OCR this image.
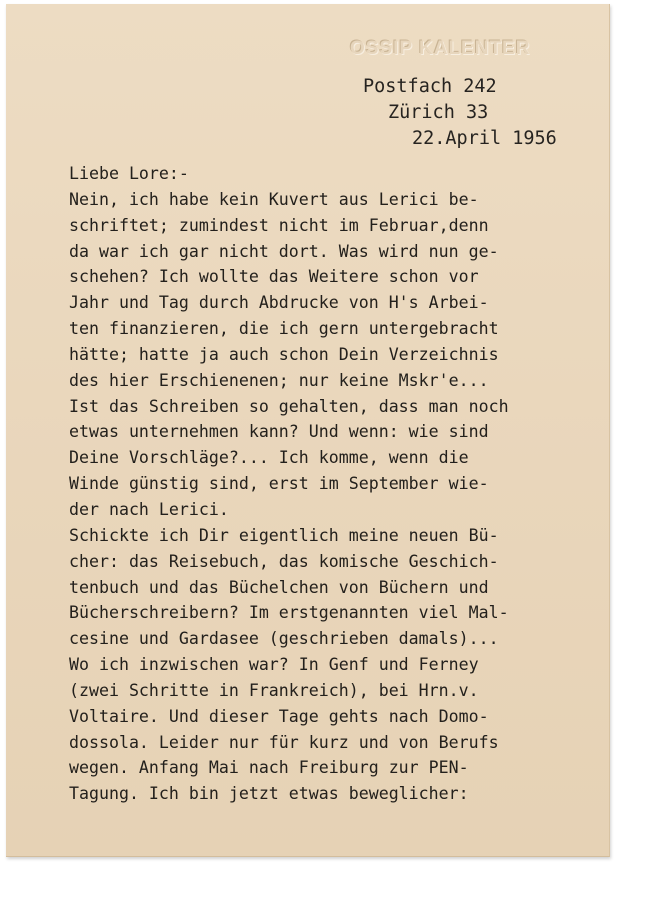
OSSIP KALENTER
Postfach 242
Zürich 33
22.April 1956
Liebe Lore:-
Nein, ich habe kein Kuvert aus Lerici be-
schriftet; zumindest nicht im Februar,denn
da war ich gar nicht dort. Was wird nun ge-
schehen? Ich wollte das Weitere schon vor
Jahr und Tag durch Abdrucke von H's Arbei-
ten finanzieren, die ich gern untergebracht
hätte; hatte ja auch schon Dein Verzeichnis
des hier Erschienenen; nur keine Mskr'e...
Ist das Schreiben so gehalten, dass man noch
etwas unternehmen kann? Und wenn: wie sind
Deine Vorschläge?... Ich komme, wenn die
Winde günstig sind, erst im September wie-
der nach Lerici.
Schickte ich Dir eigentlich meine neuen Bü-
cher: das Reisebuch, das komische Geschich-
tenbuch und das Büchelchen von Büchern und
Bücherschreibern? Im erstgenannten viel Mal-
cesine und Gardasee (geschrieben damals)...
Wo ich inzwischen war? In Genf und Ferney
(zwei Schritte in Frankreich), bei Hrn.v.
Voltaire. Und dieser Tage gehts nach Domo-
dossola. Leider nur für kurz und von Berufs
wegen. Anfang Mai nach Freiburg zur PEN-
Tagung. Ich bin jetzt etwas beweglicher:
